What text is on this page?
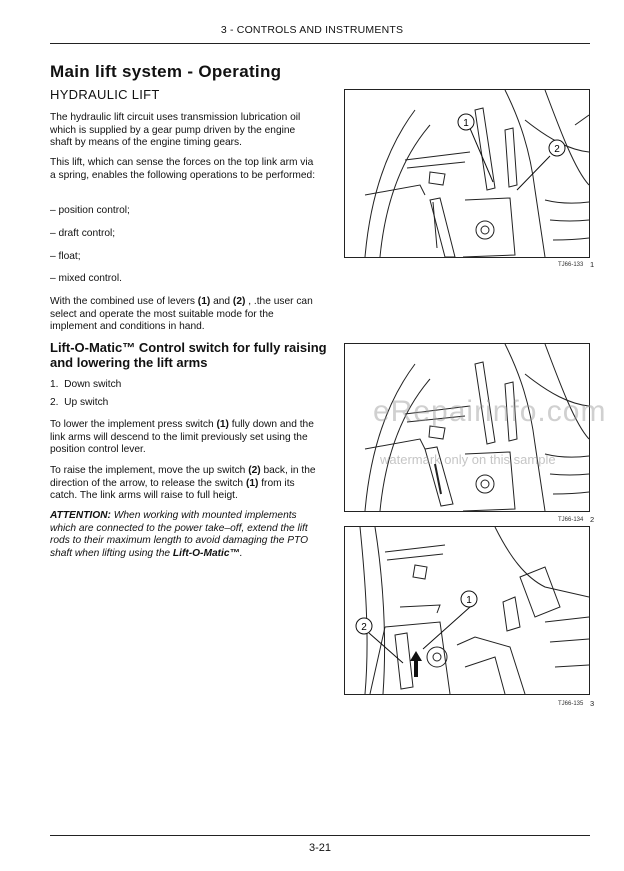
3 - CONTROLS AND INSTRUMENTS
Main lift system - Operating
HYDRAULIC LIFT
The hydraulic lift circuit uses transmission lubrication oil which is supplied by a gear pump driven by the engine shaft by means of the engine timing gears.
This lift, which can sense the forces on the top link arm via a spring, enables the following operations to be performed:
– position control;
– draft control;
– float;
– mixed control.
With the combined use of levers (1) and (2) , .the user can select and operate the most suitable mode for the implement and conditions in hand.
Lift-O-Matic™ Control switch for fully raising and lowering the lift arms
1. Down switch
2. Up switch
To lower the implement press switch (1) fully down and the link arms will descend to the limit previously set using the position control lever.
To raise the implement, move the up switch (2) back, in the direction of the arrow, to release the switch (1) from its catch. The link arms will raise to full heigt.
ATTENTION: When working with mounted implements which are connected to the power take–off, extend the lift rods to their maximum length to avoid damaging the PTO shaft when lifting using the Lift-O-Matic™.
1
2
TJ66-133 1
TJ66-134 2
1
2
TJ66-135 3
eRepairinfo.com
watermark only on this sample
3-21
